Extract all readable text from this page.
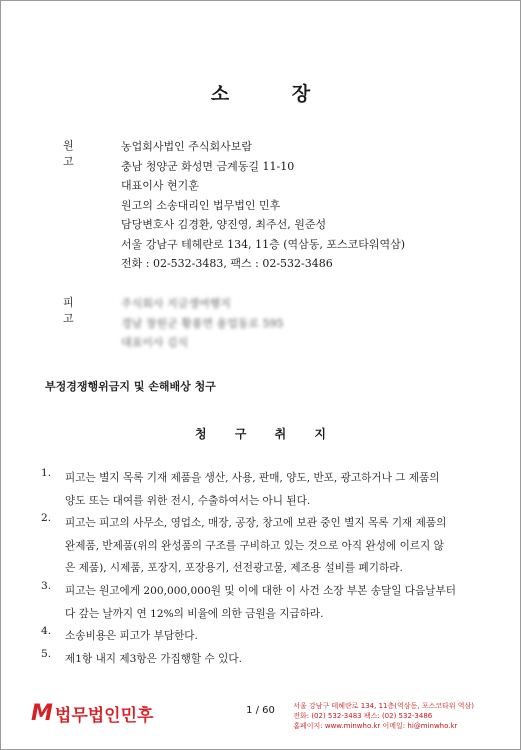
소 장
원 고
농업회사법인 주식회사보람
충남 청양군 화성면 금계동길 11-10
대표이사 현기훈
원고의 소송대리인 법무법인 민후
담당변호사 김경환, 양진영, 최주선, 원준성
서울 강남구 테헤란로 134, 11층 (역삼동, 포스코타워역삼)
전화 : 02-532-3483, 팩스 : 02-532-3486
피 고
주식회사 지글생여행지
경남 창원군 황룡면 용업동로 595
대표이사 김식
부정경쟁행위금지 및 손해배상 청구
청 구 취 지
1.	피고는 별지 목록 기재 제품을 생산, 사용, 판매, 양도, 반포, 광고하거나 그 제품의
양도 또는 대여를 위한 전시, 수출하여서는 아니 된다.
2.	피고는 피고의 사무소, 영업소, 매장, 공장, 창고에 보관 중인 별지 목록 기재 제품의
완제품, 반제품(위의 완성품의 구조를 구비하고 있는 것으로 아직 완성에 이르지 않
은 제품), 시제품, 포장지, 포장용기, 선전광고물, 제조용 설비를 폐기하라.
3.	피고는 원고에게 200,000,000원 및 이에 대한 이 사건 소장 부본 송달일 다음날부터
다 갚는 날까지 연 12%의 비율에 의한 금원을 지급하라.
4.	소송비용은 피고가 부담한다.
5.	제1항 내지 제3항은 가집행할 수 있다.
M 법무법인민후	1 / 60	서울 강남구 테헤란로 134, 11층(역삼동, 포스코타워 역삼)
전화: (02) 532-3483 팩스: (02) 532-3486
홈페이지: www.minwho.kr 이메일: hi@minwho.kr
